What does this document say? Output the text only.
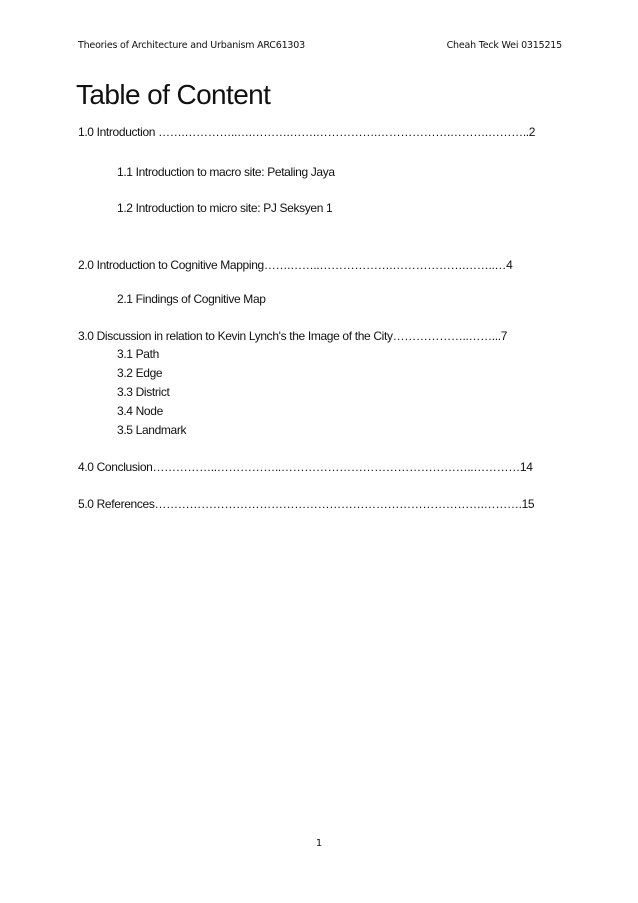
Theories of Architecture and Urbanism ARC61303	Cheah Teck Wei 0315215
Table of Content
1.0 Introduction …….…………..….……….…….…………….……………….……….………..2
1.1 Introduction to macro site: Petaling Jaya
1.2 Introduction to micro site: PJ Seksyen 1
2.0 Introduction to Cognitive Mapping…….……..……………….……………….……..…4
2.1 Findings of Cognitive Map
3.0 Discussion in relation to Kevin Lynch's the Image of the City………………..……...7
3.1 Path
3.2 Edge
3.3 District
3.4 Node
3.5 Landmark
4.0 Conclusion……………..……………..…………………………………………..…………14
5.0 References………………………………………………………………………….……….15
1
